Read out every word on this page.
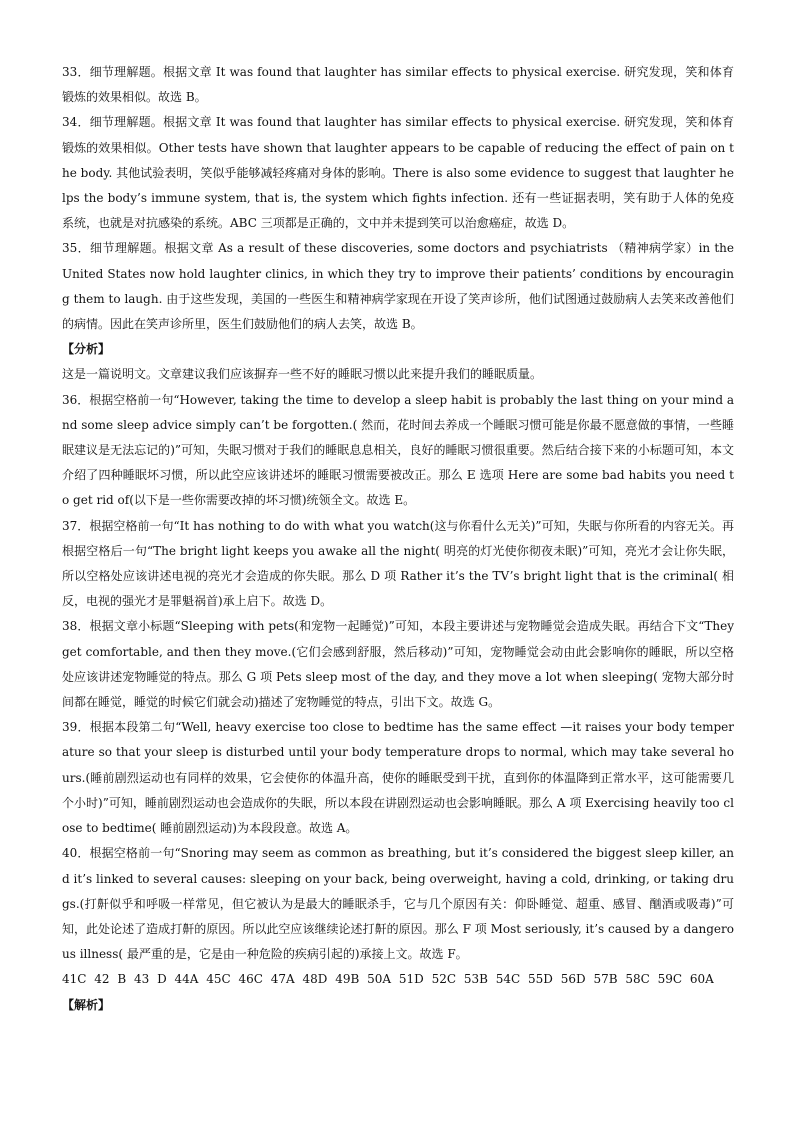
33．细节理解题。根据文章 It was found that laughter has similar effects to physical exercise. 研究发现，笑和体育锻炼的效果相似。故选 B。

34．细节理解题。根据文章 It was found that laughter has similar effects to physical exercise. 研究发现，笑和体育锻炼的效果相似。Other tests have shown that laughter appears to be capable of reducing the effect of pain on the body. 其他试验表明，笑似乎能够减轻疼痛对身体的影响。There is also some evidence to suggest that laughter helps the body’s immune system, that is, the system which fights infection. 还有一些证据表明，笑有助于人体的免疫系统，也就是对抗感染的系统。ABC 三项都是正确的，文中并未提到笑可以治愈癌症，故选 D。

35．细节理解题。根据文章 As a result of these discoveries, some doctors and psychiatrists （精神病学家）in the United States now hold laughter clinics, in which they try to improve their patients’ conditions by encouraging them to laugh. 由于这些发现，美国的一些医生和精神病学家现在开设了笑声诊所，他们试图通过鼓励病人去笑来改善他们的病情。因此在笑声诊所里，医生们鼓励他们的病人去笑，故选 B。

【分析】

这是一篇说明文。文章建议我们应该摒弃一些不好的睡眠习惯以此来提升我们的睡眠质量。

36．根据空格前一句“However, taking the time to develop a sleep habit is probably the last thing on your mind and some sleep advice simply can’t be forgotten.( 然而，花时间去养成一个睡眠习惯可能是你最不愿意做的事情，一些睡眠建议是无法忘记的)”可知，失眠习惯对于我们的睡眠息息相关，良好的睡眠习惯很重要。然后结合接下来的小标题可知，本文介绍了四种睡眠坏习惯，所以此空应该讲述坏的睡眠习惯需要被改正。那么 E 选项 Here are some bad habits you need to get rid of(以下是一些你需要改掉的坏习惯)统领全文。故选 E。

37．根据空格前一句“It has nothing to do with what you watch(这与你看什么无关)”可知，失眠与你所看的内容无关。再根据空格后一句“The bright light keeps you awake all the night( 明亮的灯光使你彻夜未眠)”可知，亮光才会让你失眠，所以空格处应该讲述电视的亮光才会造成的你失眠。那么 D 项 Rather it’s the TV’s bright light that is the criminal( 相反，电视的强光才是罪魁祸首)承上启下。故选 D。

38．根据文章小标题“Sleeping with pets(和宠物一起睡觉)”可知，本段主要讲述与宠物睡觉会造成失眠。再结合下文“They get comfortable, and then they move.(它们会感到舒服，然后移动)”可知，宠物睡觉会动由此会影响你的睡眠，所以空格处应该讲述宠物睡觉的特点。那么 G 项 Pets sleep most of the day, and they move a lot when sleeping( 宠物大部分时间都在睡觉，睡觉的时候它们就会动)描述了宠物睡觉的特点，引出下文。故选 G。

39．根据本段第二句“Well, heavy exercise too close to bedtime has the same effect —it raises your body temperature so that your sleep is disturbed until your body temperature drops to normal, which may take several hours.(睡前剧烈运动也有同样的效果，它会使你的体温升高，使你的睡眠受到干扰，直到你的体温降到正常水平，这可能需要几个小时)”可知，睡前剧烈运动也会造成你的失眠，所以本段在讲剧烈运动也会影响睡眠。那么 A 项 Exercising heavily too close to bedtime( 睡前剧烈运动)为本段段意。故选 A。

40．根据空格前一句“Snoring may seem as common as breathing, but it’s considered the biggest sleep killer, and it’s linked to several causes: sleeping on your back, being overweight, having a cold, drinking, or taking drugs.(打鼾似乎和呼吸一样常见，但它被认为是最大的睡眠杀手，它与几个原因有关：仰卧睡觉、超重、感冒、酗酒或吸毒)”可知，此处论述了造成打鼾的原因。所以此空应该继续论述打鼾的原因。那么 F 项 Most seriously, it’s caused by a dangerous illness( 最严重的是，它是由一种危险的疾病引起的)承接上文。故选 F。

41C 42 B 43 D 44A 45C 46C 47A 48D 49B 50A 51D 52C 53B 54C 55D 56D 57B 58C 59C 60A

【解析】
